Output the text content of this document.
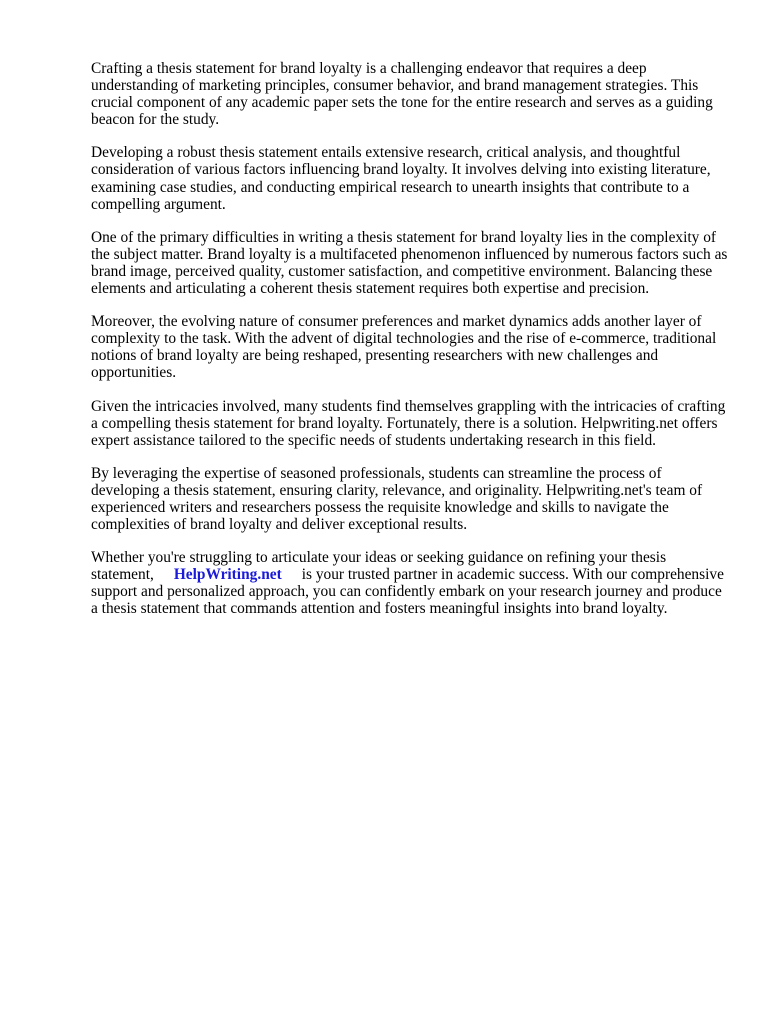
Crafting a thesis statement for brand loyalty is a challenging endeavor that requires a deep understanding of marketing principles, consumer behavior, and brand management strategies. This crucial component of any academic paper sets the tone for the entire research and serves as a guiding beacon for the study.

Developing a robust thesis statement entails extensive research, critical analysis, and thoughtful consideration of various factors influencing brand loyalty. It involves delving into existing literature, examining case studies, and conducting empirical research to unearth insights that contribute to a compelling argument.

One of the primary difficulties in writing a thesis statement for brand loyalty lies in the complexity of the subject matter. Brand loyalty is a multifaceted phenomenon influenced by numerous factors such as brand image, perceived quality, customer satisfaction, and competitive environment. Balancing these elements and articulating a coherent thesis statement requires both expertise and precision.

Moreover, the evolving nature of consumer preferences and market dynamics adds another layer of complexity to the task. With the advent of digital technologies and the rise of e-commerce, traditional notions of brand loyalty are being reshaped, presenting researchers with new challenges and opportunities.

Given the intricacies involved, many students find themselves grappling with the intricacies of crafting a compelling thesis statement for brand loyalty. Fortunately, there is a solution. Helpwriting.net offers expert assistance tailored to the specific needs of students undertaking research in this field.

By leveraging the expertise of seasoned professionals, students can streamline the process of developing a thesis statement, ensuring clarity, relevance, and originality. Helpwriting.net's team of experienced writers and researchers possess the requisite knowledge and skills to navigate the complexities of brand loyalty and deliver exceptional results.

Whether you're struggling to articulate your ideas or seeking guidance on refining your thesis statement, HelpWriting.net is your trusted partner in academic success. With our comprehensive support and personalized approach, you can confidently embark on your research journey and produce a thesis statement that commands attention and fosters meaningful insights into brand loyalty.
